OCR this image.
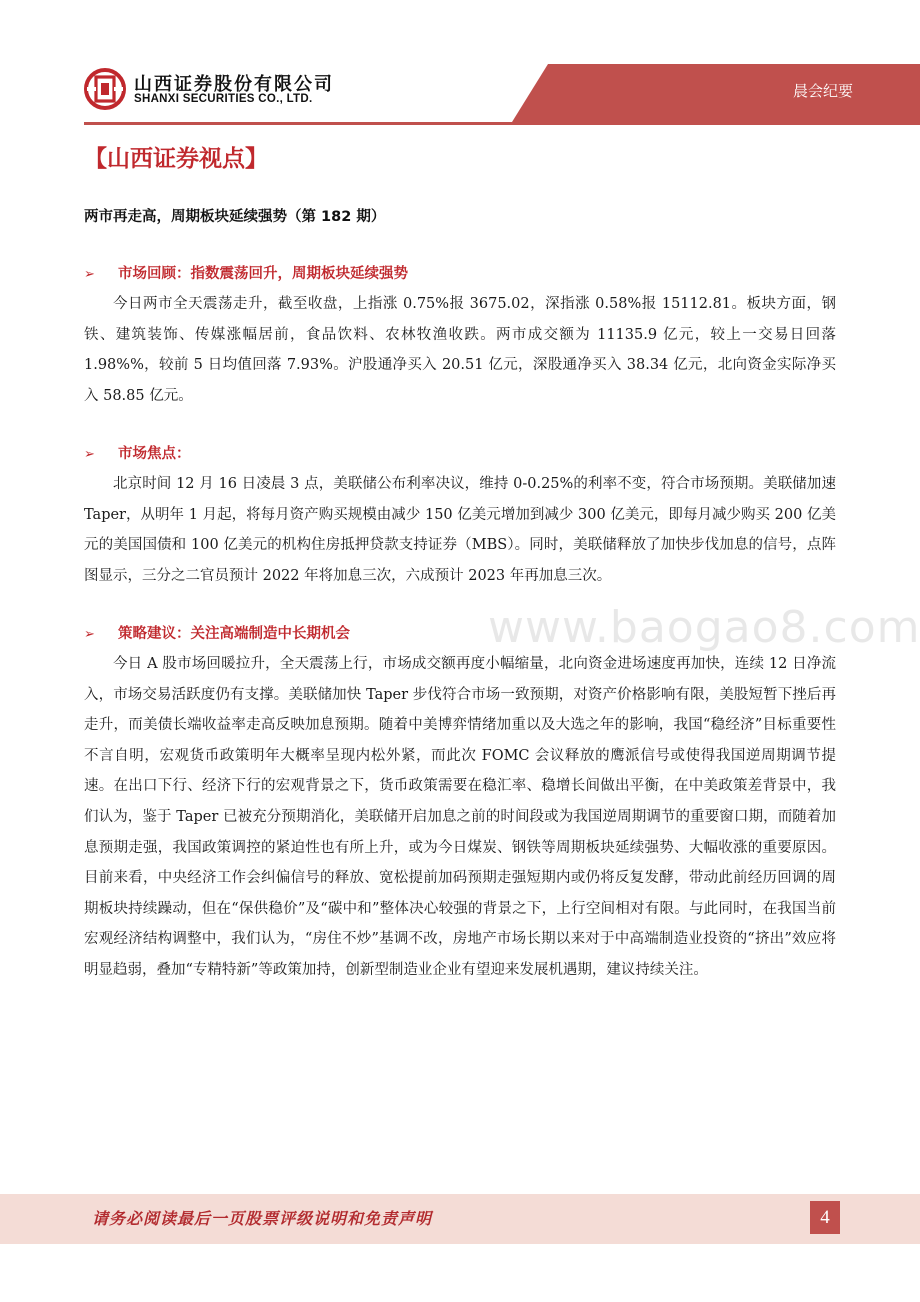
山西证券股份有限公司
SHANXI SECURITIES CO., LTD.	晨会纪要
【山西证券视点】
两市再走高，周期板块延续强势（第 182 期）
➢ 市场回顾：指数震荡回升，周期板块延续强势
今日两市全天震荡走升，截至收盘，上指涨 0.75%报 3675.02，深指涨 0.58%报 15112.81。板块方面，钢铁、建筑装饰、传媒涨幅居前，食品饮料、农林牧渔收跌。两市成交额为 11135.9 亿元，较上一交易日回落 1.98%%，较前 5 日均值回落 7.93%。沪股通净买入 20.51 亿元，深股通净买入 38.34 亿元，北向资金实际净买入 58.85 亿元。
➢ 市场焦点：
北京时间 12 月 16 日凌晨 3 点，美联储公布利率决议，维持 0-0.25%的利率不变，符合市场预期。美联储加速 Taper，从明年 1 月起，将每月资产购买规模由减少 150 亿美元增加到减少 300 亿美元，即每月减少购买 200 亿美元的美国国债和 100 亿美元的机构住房抵押贷款支持证券（MBS）。同时，美联储释放了加快步伐加息的信号，点阵图显示，三分之二官员预计 2022 年将加息三次，六成预计 2023 年再加息三次。
➢ 策略建议：关注高端制造中长期机会
今日 A 股市场回暖拉升，全天震荡上行，市场成交额再度小幅缩量，北向资金进场速度再加快，连续 12 日净流入，市场交易活跃度仍有支撑。美联储加快 Taper 步伐符合市场一致预期，对资产价格影响有限，美股短暂下挫后再走升，而美债长端收益率走高反映加息预期。随着中美博弈情绪加重以及大选之年的影响，我国“稳经济”目标重要性不言自明，宏观货币政策明年大概率呈现内松外紧，而此次 FOMC 会议释放的鹰派信号或使得我国逆周期调节提速。在出口下行、经济下行的宏观背景之下，货币政策需要在稳汇率、稳增长间做出平衡，在中美政策差背景中，我们认为，鉴于 Taper 已被充分预期消化，美联储开启加息之前的时间段或为我国逆周期调节的重要窗口期，而随着加息预期走强，我国政策调控的紧迫性也有所上升，或为今日煤炭、钢铁等周期板块延续强势、大幅收涨的重要原因。目前来看，中央经济工作会纠偏信号的释放、宽松提前加码预期走强短期内或仍将反复发酵，带动此前经历回调的周期板块持续躁动，但在“保供稳价”及“碳中和”整体决心较强的背景之下，上行空间相对有限。与此同时，在我国当前宏观经济结构调整中，我们认为，“房住不炒”基调不改，房地产市场长期以来对于中高端制造业投资的“挤出”效应将明显趋弱，叠加“专精特新”等政策加持，创新型制造业企业有望迎来发展机遇期，建议持续关注。
www.baogao8.com
请务必阅读最后一页股票评级说明和免责声明	4
